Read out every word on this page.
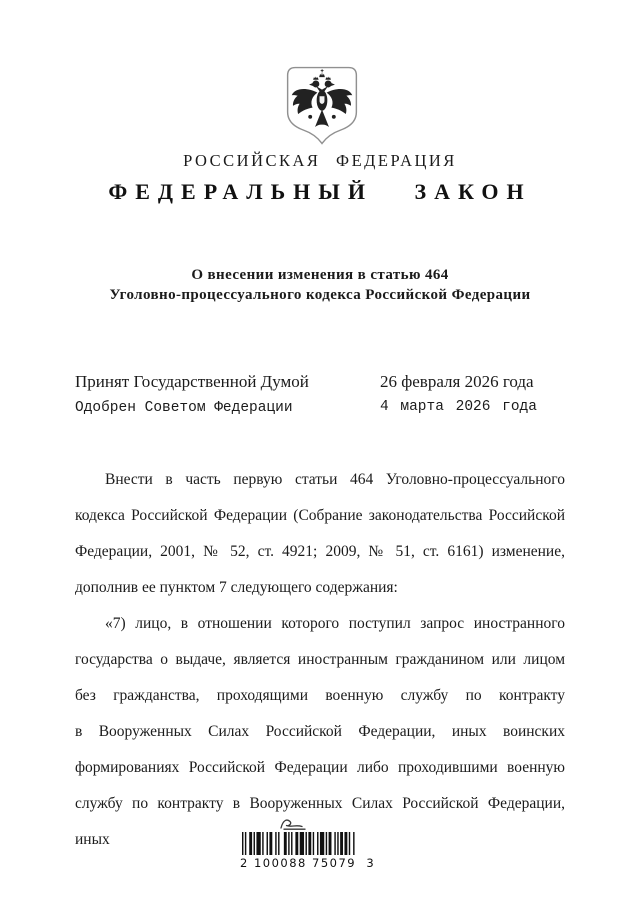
РОССИЙСКАЯ ФЕДЕРАЦИЯ
ФЕДЕРАЛЬНЫЙ ЗАКОН
О внесении изменения в статью 464
Уголовно-процессуального кодекса Российской Федерации
Принят Государственной Думой	26 февраля 2026 года
Одобрен Советом Федерации	4 марта 2026 года
Внести в часть первую статьи 464 Уголовно-процессуального
кодекса Российской Федерации (Собрание законодательства Российской
Федерации, 2001, № 52, ст. 4921; 2009, № 51, ст. 6161) изменение,
дополнив ее пунктом 7 следующего содержания:
«7) лицо, в отношении которого поступил запрос иностранного
государства о выдаче, является иностранным гражданином или лицом
без гражданства, проходящими военную службу по контракту
в Вооруженных Силах Российской Федерации, иных воинских
формированиях Российской Федерации либо проходившими военную
службу по контракту в Вооруженных Силах Российской Федерации, иных
2 100088 75079  3
